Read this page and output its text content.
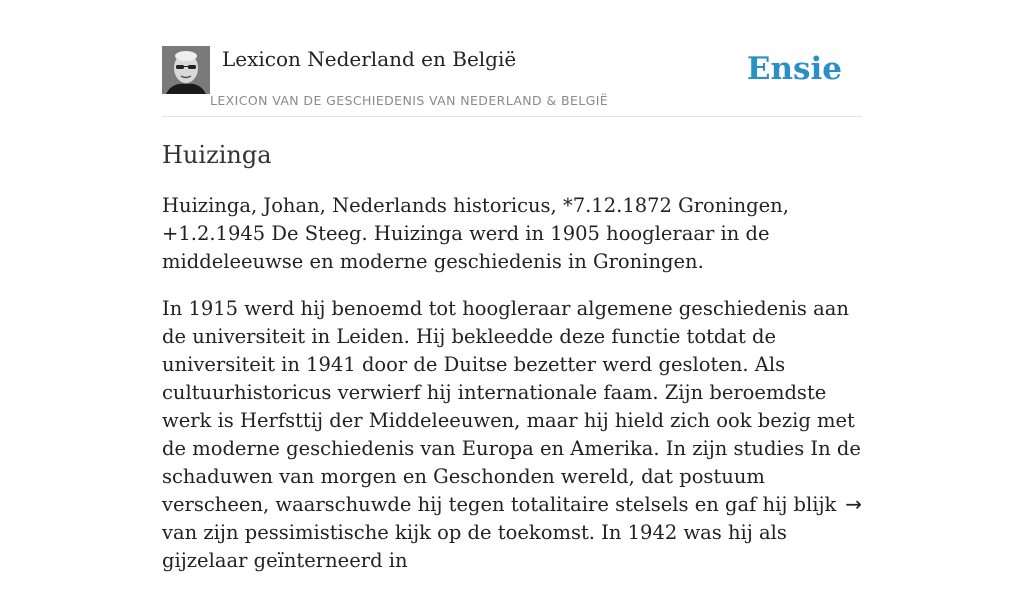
Lexicon Nederland en België
LEXICON VAN DE GESCHIEDENIS VAN NEDERLAND & BELGIË
Ensie
Huizinga

Huizinga, Johan, Nederlands historicus, *7.12.1872 Groningen, +1.2.1945 De Steeg. Huizinga werd in 1905 hoogleraar in de middeleeuwse en moderne geschiedenis in Groningen.

In 1915 werd hij benoemd tot hoogleraar algemene geschiedenis aan de universiteit in Leiden. Hij bekleedde deze functie totdat de universiteit in 1941 door de Duitse bezetter werd gesloten. Als cultuurhistoricus verwierf hij internationale faam. Zijn beroemdste werk is Herfsttij der Middeleeuwen, maar hij hield zich ook bezig met de moderne geschiedenis van Europa en Amerika. In zijn studies In de schaduwen van morgen en Geschonden wereld, dat postuum verscheen, waarschuwde hij tegen totalitaire stelsels en gaf hij blijk van zijn pessimistische kijk op de toekomst. In 1942 was hij als gijzelaar geïnterneerd in

→
